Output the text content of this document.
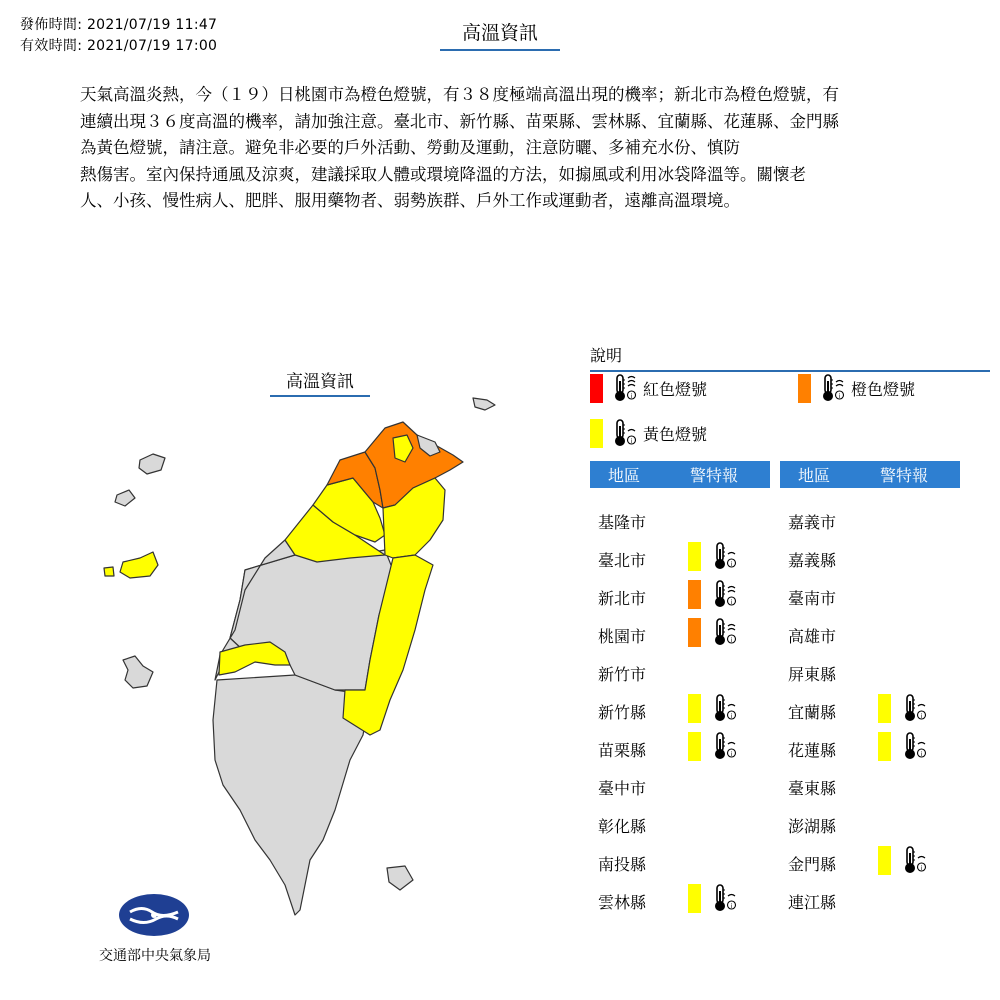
發佈時間: 2021/07/19 11:47
有效時間: 2021/07/19 17:00
高溫資訊
天氣高溫炎熱，今（１９）日桃園市為橙色燈號，有３８度極端高溫出現的機率；新北市為橙色燈號，有
連續出現３６度高溫的機率，請加強注意。臺北市、新竹縣、苗栗縣、雲林縣、宜蘭縣、花蓮縣、金門縣
為黃色燈號，請注意。避免非必要的戶外活動、勞動及運動，注意防曬、多補充水份、慎防
熱傷害。室內保持通風及涼爽，建議採取人體或環境降溫的方法，如搧風或利用冰袋降溫等。關懷老
人、小孩、慢性病人、肥胖、服用藥物者、弱勢族群、戶外工作或運動者，遠離高溫環境。
高溫資訊
交通部中央氣象局
說明
i 紅色燈號	i 橙色燈號
i 黃色燈號
地區	警特報	地區	警特報
基隆市
臺北市	i
新北市	i
桃園市	i
新竹市
新竹縣	i
苗栗縣	i
臺中市
彰化縣
南投縣
雲林縣	i
嘉義市
嘉義縣
臺南市
高雄市
屏東縣
宜蘭縣	i
花蓮縣	i
臺東縣
澎湖縣
金門縣	i
連江縣
